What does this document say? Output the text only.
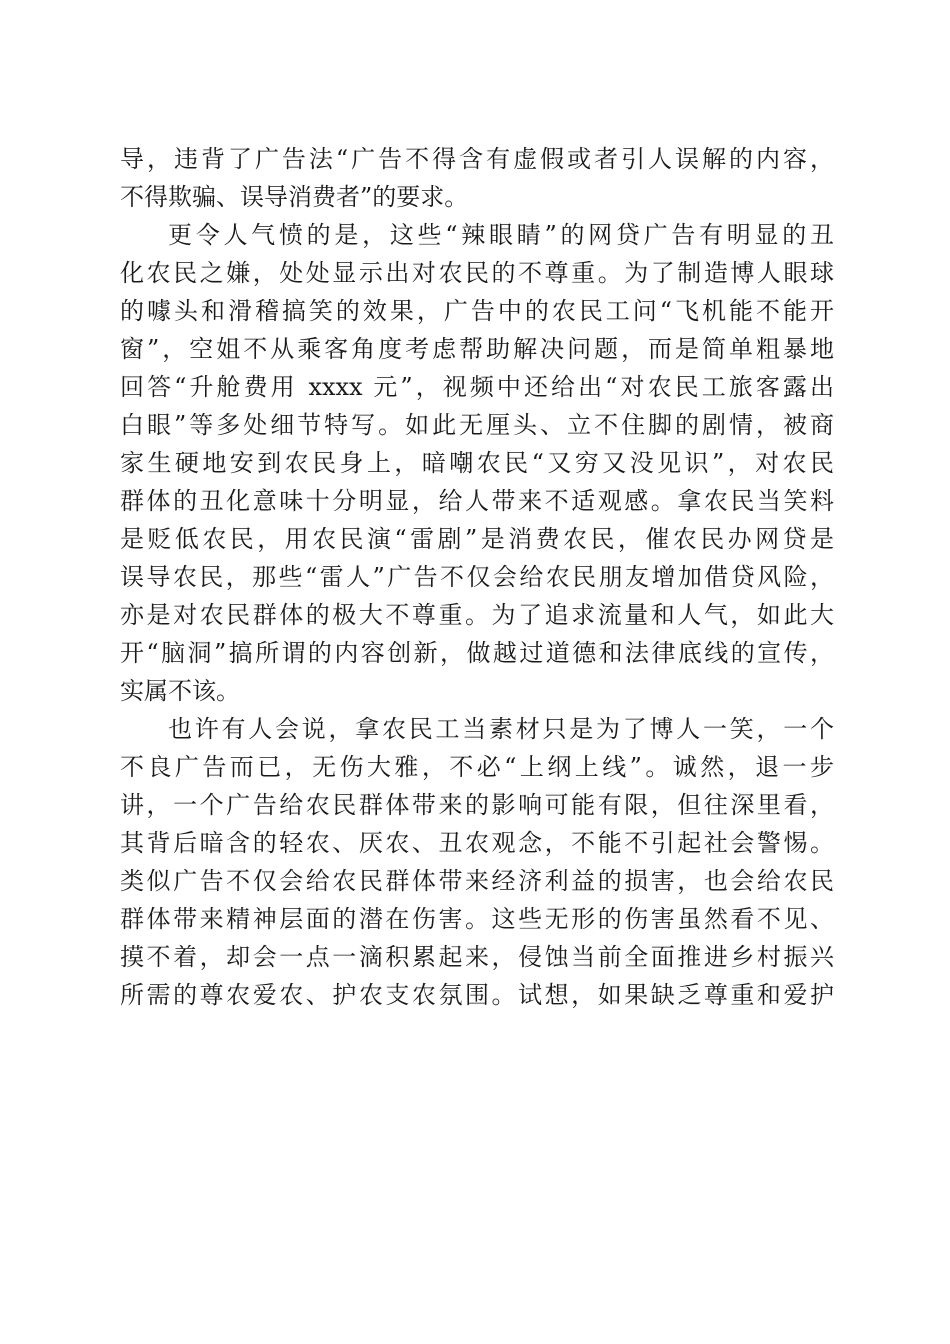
导，违背了广告法“广告不得含有虚假或者引人误解的内容，
不得欺骗、误导消费者”的要求。
更令人气愤的是，这些“辣眼睛”的网贷广告有明显的丑
化农民之嫌，处处显示出对农民的不尊重。为了制造博人眼球
的噱头和滑稽搞笑的效果，广告中的农民工问“飞机能不能开
窗”，空姐不从乘客角度考虑帮助解决问题，而是简单粗暴地
回答“升舱费用 xxxx 元”，视频中还给出“对农民工旅客露出
白眼”等多处细节特写。如此无厘头、立不住脚的剧情，被商
家生硬地安到农民身上，暗嘲农民“又穷又没见识”，对农民
群体的丑化意味十分明显，给人带来不适观感。拿农民当笑料
是贬低农民，用农民演“雷剧”是消费农民，催农民办网贷是
误导农民，那些“雷人”广告不仅会给农民朋友增加借贷风险，
亦是对农民群体的极大不尊重。为了追求流量和人气，如此大
开“脑洞”搞所谓的内容创新，做越过道德和法律底线的宣传，
实属不该。
也许有人会说，拿农民工当素材只是为了博人一笑，一个
不良广告而已，无伤大雅，不必“上纲上线”。诚然，退一步
讲，一个广告给农民群体带来的影响可能有限，但往深里看，
其背后暗含的轻农、厌农、丑农观念，不能不引起社会警惕。
类似广告不仅会给农民群体带来经济利益的损害，也会给农民
群体带来精神层面的潜在伤害。这些无形的伤害虽然看不见、
摸不着，却会一点一滴积累起来，侵蚀当前全面推进乡村振兴
所需的尊农爱农、护农支农氛围。试想，如果缺乏尊重和爱护
